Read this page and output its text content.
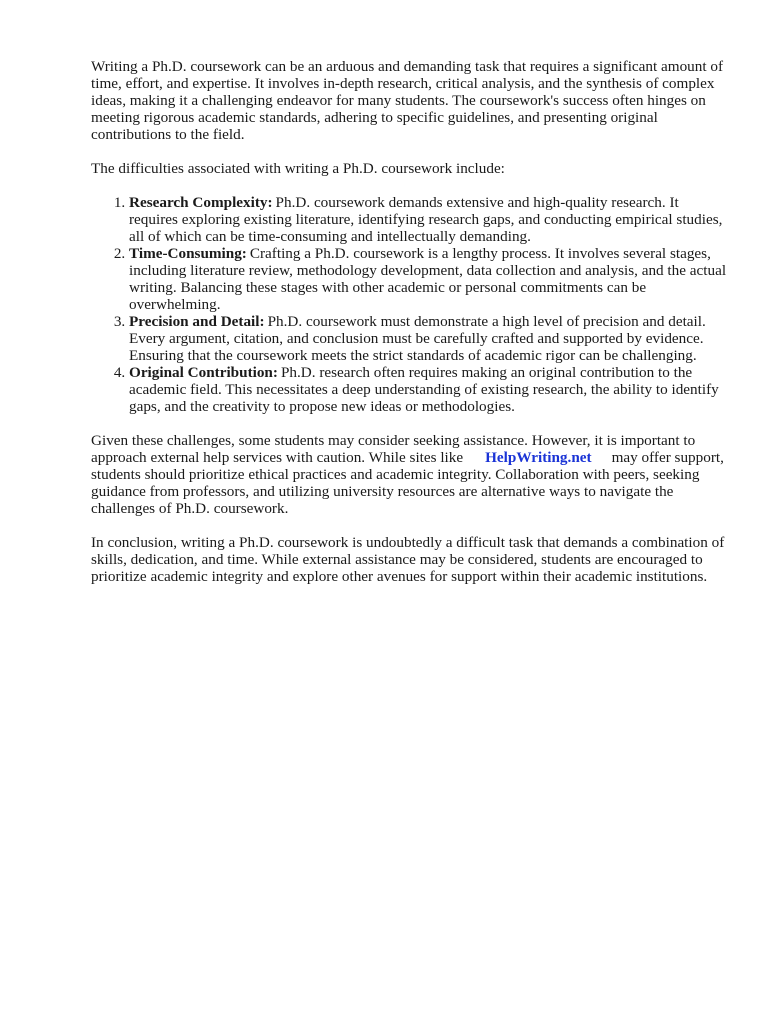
Writing a Ph.D. coursework can be an arduous and demanding task that requires a significant amount of time, effort, and expertise. It involves in-depth research, critical analysis, and the synthesis of complex ideas, making it a challenging endeavor for many students. The coursework's success often hinges on meeting rigorous academic standards, adhering to specific guidelines, and presenting original contributions to the field.

The difficulties associated with writing a Ph.D. coursework include:

1. Research Complexity: Ph.D. coursework demands extensive and high-quality research. It requires exploring existing literature, identifying research gaps, and conducting empirical studies, all of which can be time-consuming and intellectually demanding.
2. Time-Consuming: Crafting a Ph.D. coursework is a lengthy process. It involves several stages, including literature review, methodology development, data collection and analysis, and the actual writing. Balancing these stages with other academic or personal commitments can be overwhelming.
3. Precision and Detail: Ph.D. coursework must demonstrate a high level of precision and detail. Every argument, citation, and conclusion must be carefully crafted and supported by evidence. Ensuring that the coursework meets the strict standards of academic rigor can be challenging.
4. Original Contribution: Ph.D. research often requires making an original contribution to the academic field. This necessitates a deep understanding of existing research, the ability to identify gaps, and the creativity to propose new ideas or methodologies.

Given these challenges, some students may consider seeking assistance. However, it is important to approach external help services with caution. While sites like HelpWriting.net may offer support, students should prioritize ethical practices and academic integrity. Collaboration with peers, seeking guidance from professors, and utilizing university resources are alternative ways to navigate the challenges of Ph.D. coursework.

In conclusion, writing a Ph.D. coursework is undoubtedly a difficult task that demands a combination of skills, dedication, and time. While external assistance may be considered, students are encouraged to prioritize academic integrity and explore other avenues for support within their academic institutions.
